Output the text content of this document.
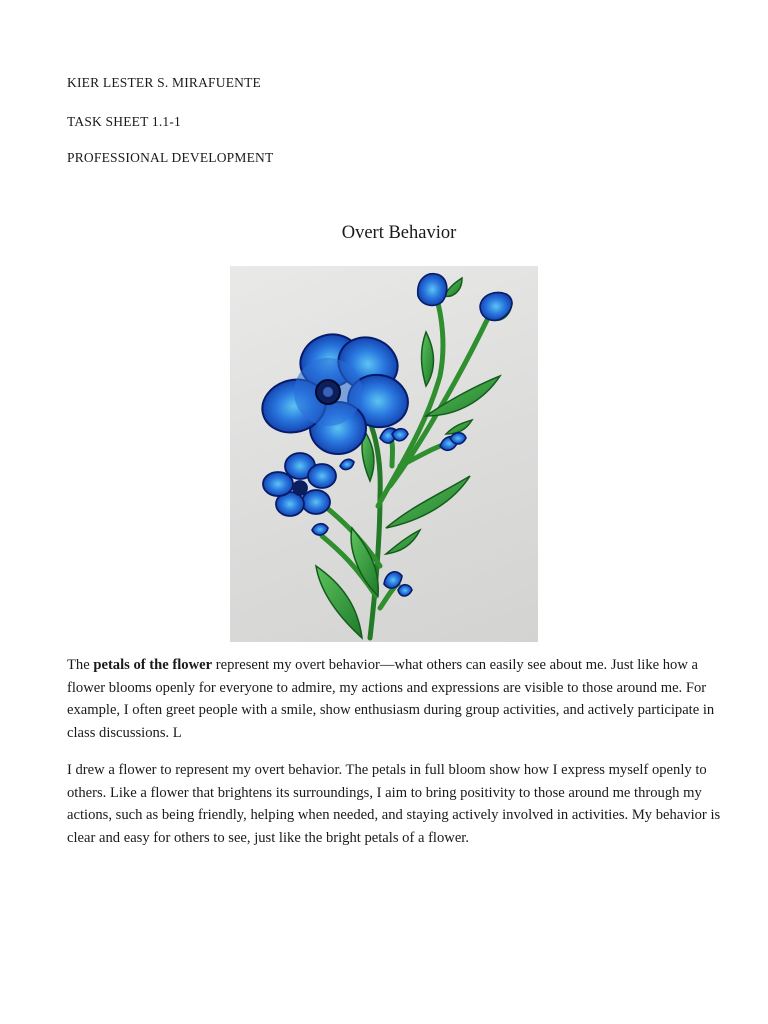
KIER LESTER S. MIRAFUENTE
TASK SHEET 1.1-1
PROFESSIONAL DEVELOPMENT
Overt Behavior

The petals of the flower represent my overt behavior—what others can easily see about me. Just like how a flower blooms openly for everyone to admire, my actions and expressions are visible to those around me. For example, I often greet people with a smile, show enthusiasm during group activities, and actively participate in class discussions. L

I drew a flower to represent my overt behavior. The petals in full bloom show how I express myself openly to others. Like a flower that brightens its surroundings, I aim to bring positivity to those around me through my actions, such as being friendly, helping when needed, and staying actively involved in activities. My behavior is clear and easy for others to see, just like the bright petals of a flower.
